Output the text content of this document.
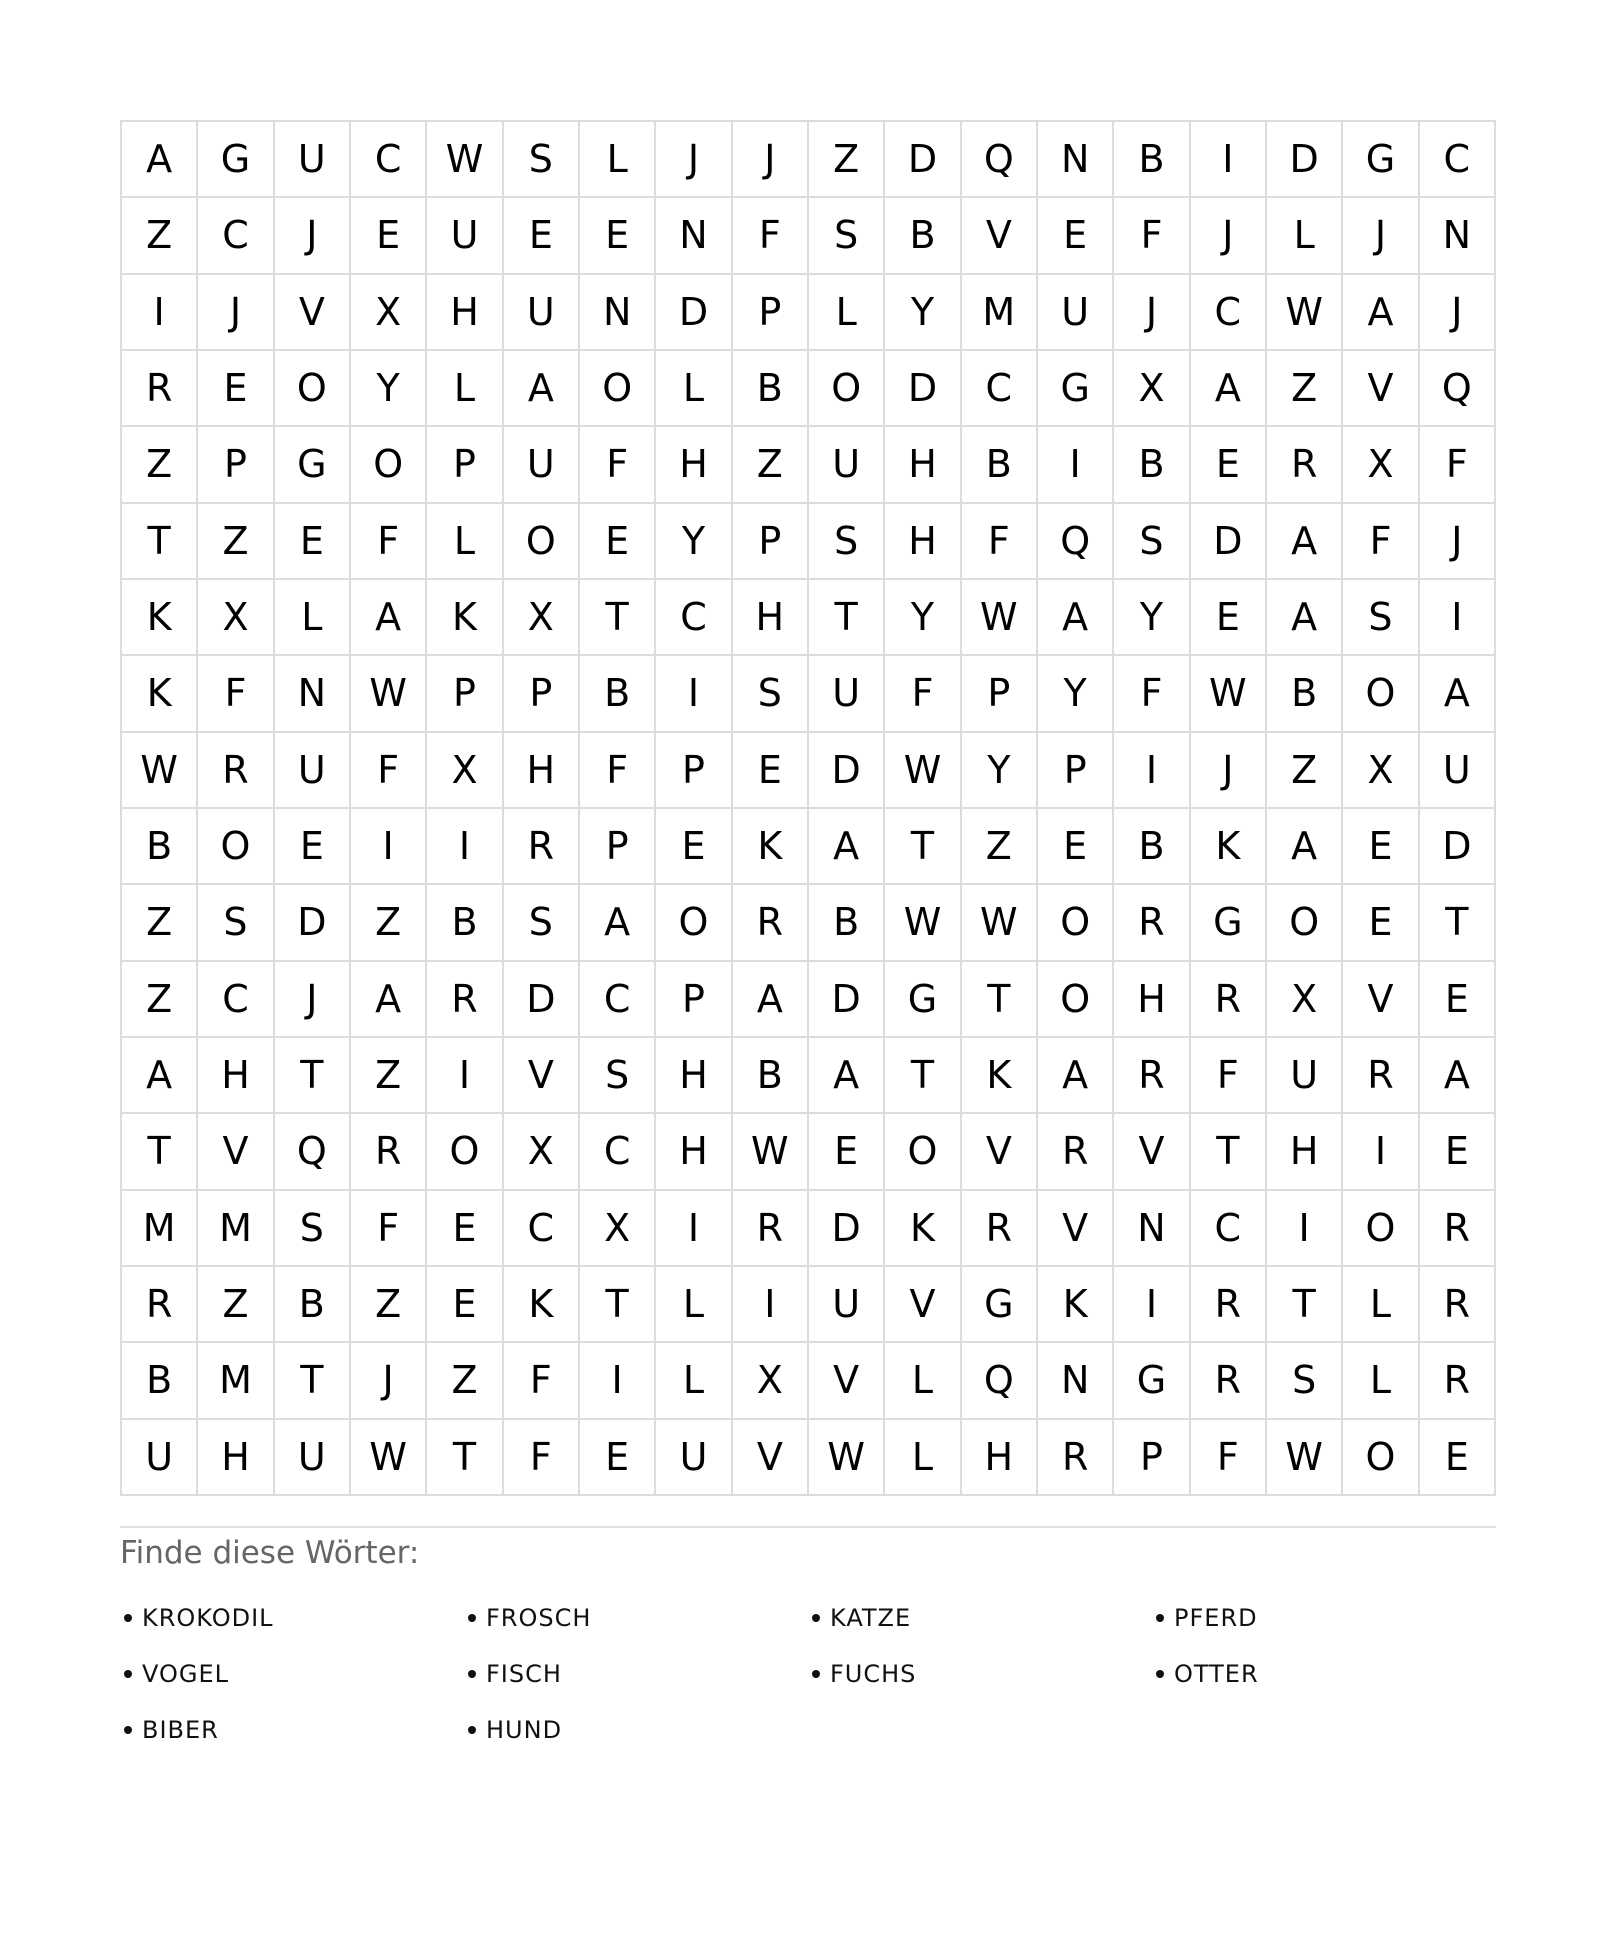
A	G	U	C	W	S	L	J	J	Z	D	Q	N	B	I	D	G	C
Z	C	J	E	U	E	E	N	F	S	B	V	E	F	J	L	J	N
I	J	V	X	H	U	N	D	P	L	Y	M	U	J	C	W	A	J
R	E	O	Y	L	A	O	L	B	O	D	C	G	X	A	Z	V	Q
Z	P	G	O	P	U	F	H	Z	U	H	B	I	B	E	R	X	F
T	Z	E	F	L	O	E	Y	P	S	H	F	Q	S	D	A	F	J
K	X	L	A	K	X	T	C	H	T	Y	W	A	Y	E	A	S	I
K	F	N	W	P	P	B	I	S	U	F	P	Y	F	W	B	O	A
W	R	U	F	X	H	F	P	E	D	W	Y	P	I	J	Z	X	U
B	O	E	I	I	R	P	E	K	A	T	Z	E	B	K	A	E	D
Z	S	D	Z	B	S	A	O	R	B	W	W	O	R	G	O	E	T
Z	C	J	A	R	D	C	P	A	D	G	T	O	H	R	X	V	E
A	H	T	Z	I	V	S	H	B	A	T	K	A	R	F	U	R	A
T	V	Q	R	O	X	C	H	W	E	O	V	R	V	T	H	I	E
M	M	S	F	E	C	X	I	R	D	K	R	V	N	C	I	O	R
R	Z	B	Z	E	K	T	L	I	U	V	G	K	I	R	T	L	R
B	M	T	J	Z	F	I	L	X	V	L	Q	N	G	R	S	L	R
U	H	U	W	T	F	E	U	V	W	L	H	R	P	F	W	O	E
Finde diese Wörter:
KROKODIL	FROSCH	KATZE	PFERD
VOGEL	FISCH	FUCHS	OTTER
BIBER	HUND
